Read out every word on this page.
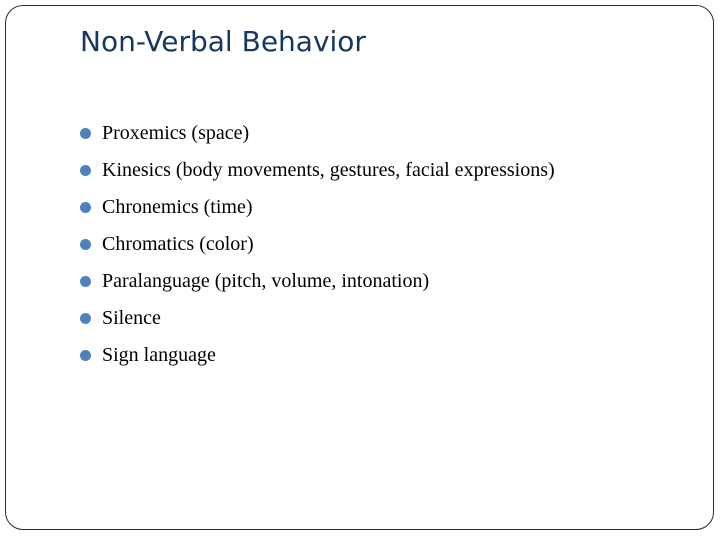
Non-Verbal Behavior
Proxemics (space)
Kinesics (body movements, gestures, facial expressions)
Chronemics (time)
Chromatics (color)
Paralanguage (pitch, volume, intonation)
Silence
Sign language
